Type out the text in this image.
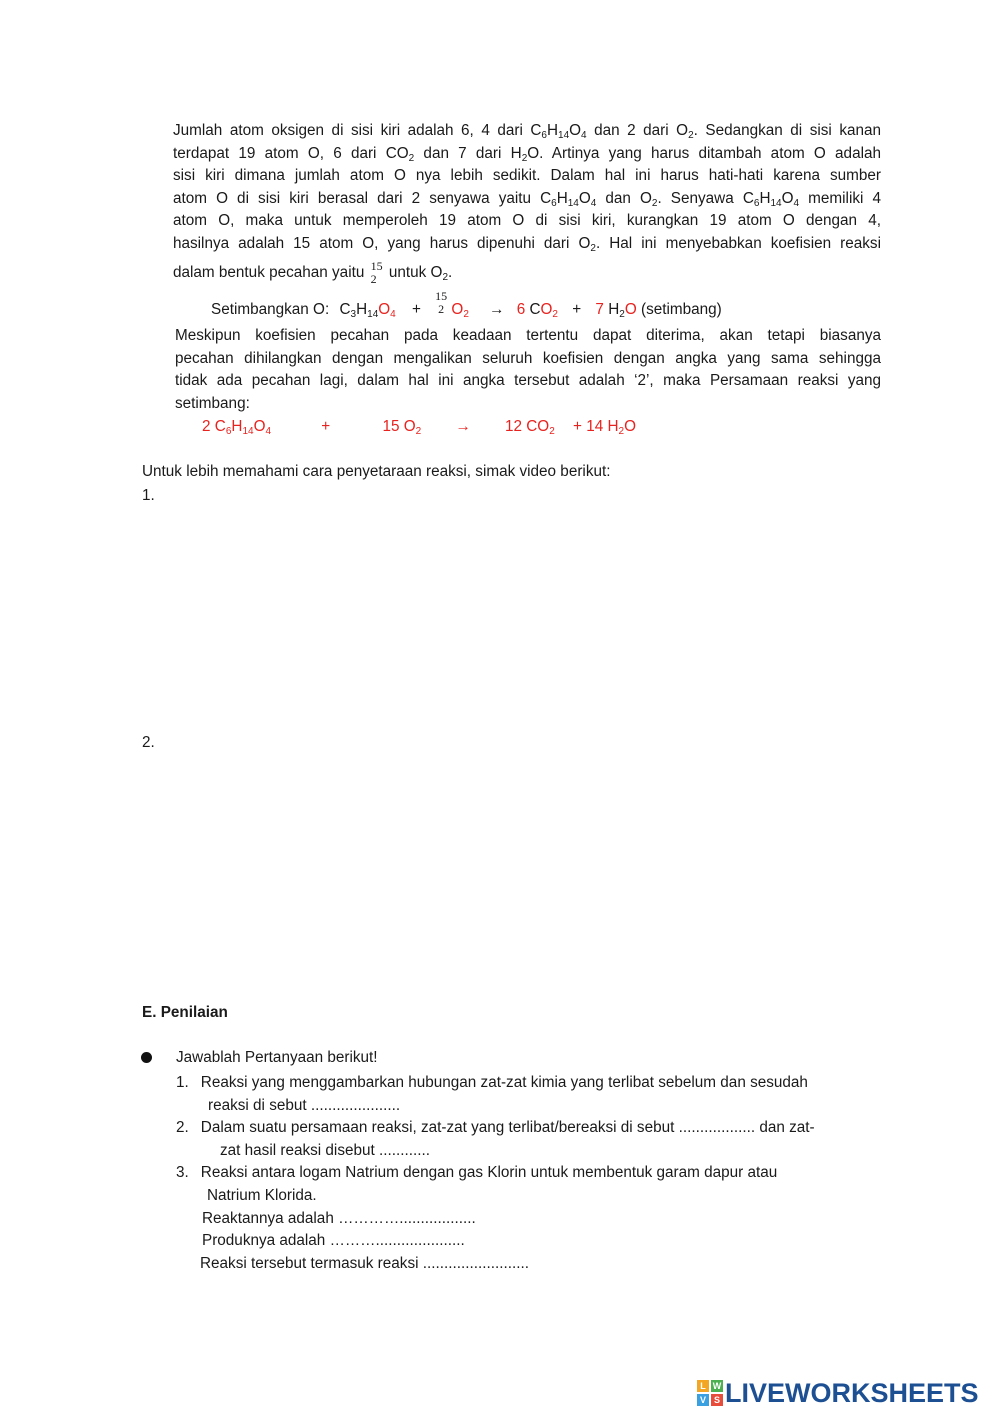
Jumlah atom oksigen di sisi kiri adalah 6, 4 dari $C_6H_{14}O_4$ dan 2 dari $O_2$. Sedangkan di sisi kanan
terdapat 19 atom O, 6 dari $CO_2$ dan 7 dari $H_2O$. Artinya yang harus ditambah atom O adalah
sisi kiri dimana jumlah atom O nya lebih sedikit. Dalam hal ini harus hati-hati karena sumber
atom O di sisi kiri berasal dari 2 senyawa yaitu $C_6H_{14}O_4$ dan $O_2$. Senyawa $C_6H_{14}O_4$ memiliki 4
atom O, maka untuk memperoleh 19 atom O di sisi kiri, kurangkan 19 atom O dengan 4,
hasilnya adalah 15 atom O, yang harus dipenuhi dari $O_2$. Hal ini menyebabkan koefisien reaksi
dalam bentuk pecahan yaitu 15
2 untuk $O_2$.
Setimbangkan O: $C_3H_{14}O_4$ +
15
2 $O_2 \to 6$ $CO_2 + 7$ $H_2O$ (setimbang)
Meskipun koefisien pecahan pada keadaan tertentu dapat diterima, akan tetapi biasanya
pecahan dihilangkan dengan mengalikan seluruh koefisien dengan angka yang sama sehingga
tidak ada pecahan lagi, dalam hal ini angka tersebut adalah ‘2’, maka Persamaan reaksi yang
setimbang:
2 $C_6H_{14}O_4$	+	15 $O_2 \to 12$ $CO_2 + 14$ $H_2O$
Untuk lebih memahami cara penyetaraan reaksi, simak video berikut:
1.
2.
E. Penilaian
Jawablah Pertanyaan berikut!
1. Reaksi yang menggambarkan hubungan zat-zat kimia yang terlibat sebelum dan sesudah
reaksi di sebut .....................
2. Dalam suatu persamaan reaksi, zat-zat yang terlibat/bereaksi di sebut .................. dan zat-
zat hasil reaksi disebut ............
3. Reaksi antara logam Natrium dengan gas Klorin untuk membentuk garam dapur atau
Natrium Klorida.
Reaktannya adalah …………..................
Produknya adalah ……….....................
Reaksi tersebut termasuk reaksi .........................
L W
V S LIVEWORKSHEETS
